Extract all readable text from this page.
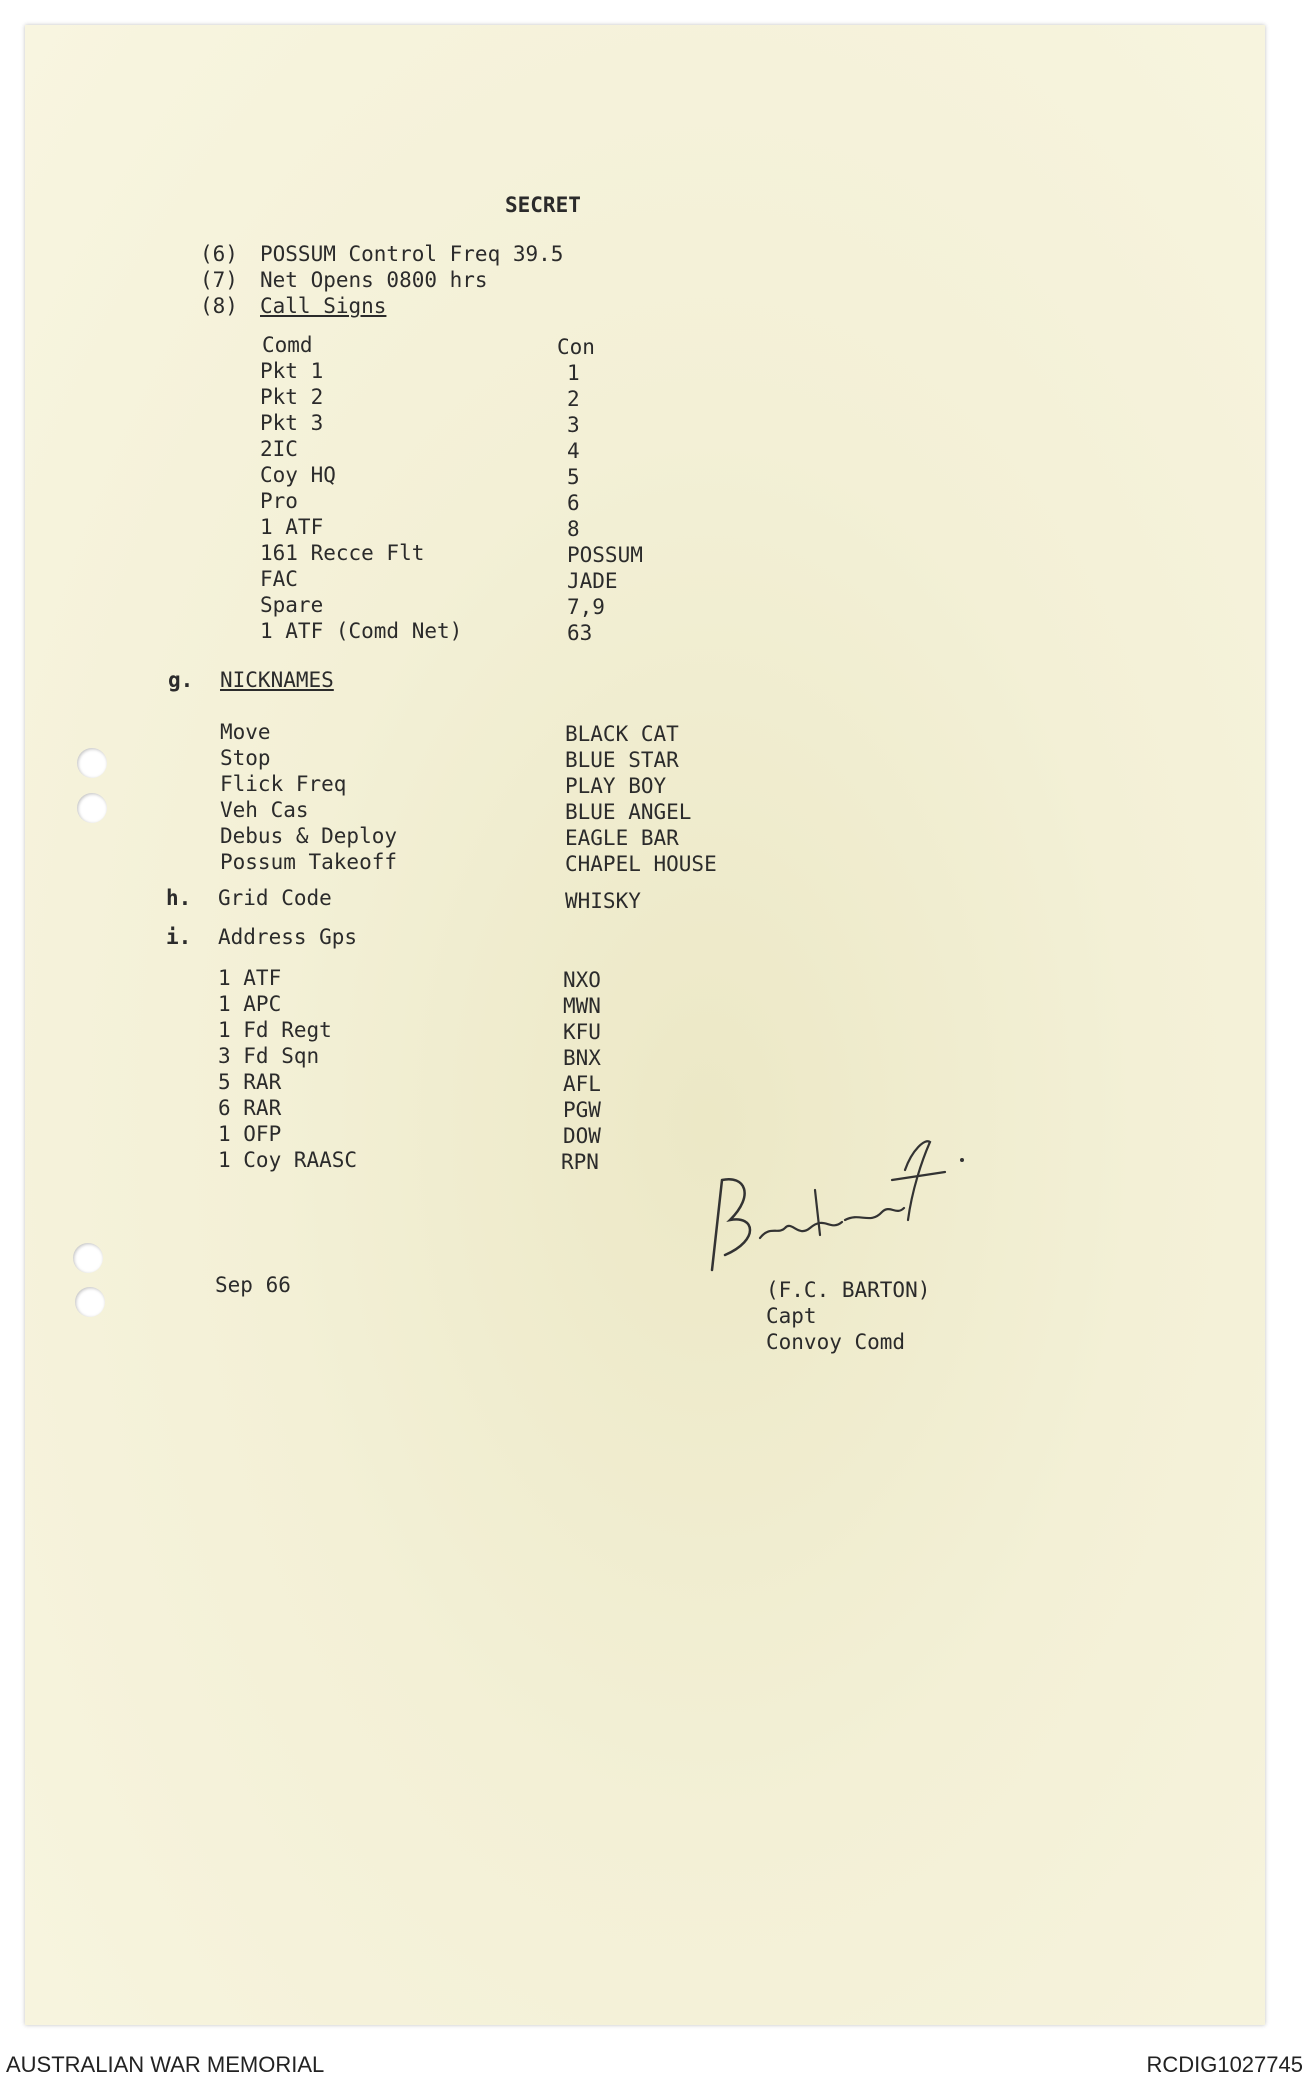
SECRET
(6) POSSUM Control Freq 39.5
(7) Net Opens 0800 hrs
(8) Call Signs
Comd	Con
Pkt 1	1
Pkt 2	2
Pkt 3	3
2IC	4
Coy HQ	5
Pro	6
1 ATF	8
161 Recce Flt	POSSUM
FAC	JADE
Spare	7,9
1 ATF (Comd Net)	63
g. NICKNAMES
Move	BLACK CAT
Stop	BLUE STAR
Flick Freq	PLAY BOY
Veh Cas	BLUE ANGEL
Debus & Deploy	EAGLE BAR
Possum Takeoff	CHAPEL HOUSE
h. Grid Code	WHISKY
i. Address Gps
1 ATF	NXO
1 APC	MWN
1 Fd Regt	KFU
3 Fd Sqn	BNX
5 RAR	AFL
6 RAR	PGW
1 OFP	DOW
1 Coy RAASC	RPN
Sep 66	(F.C. BARTON)
Capt
Convoy Comd
AUSTRALIAN WAR MEMORIAL	RCDIG1027745
